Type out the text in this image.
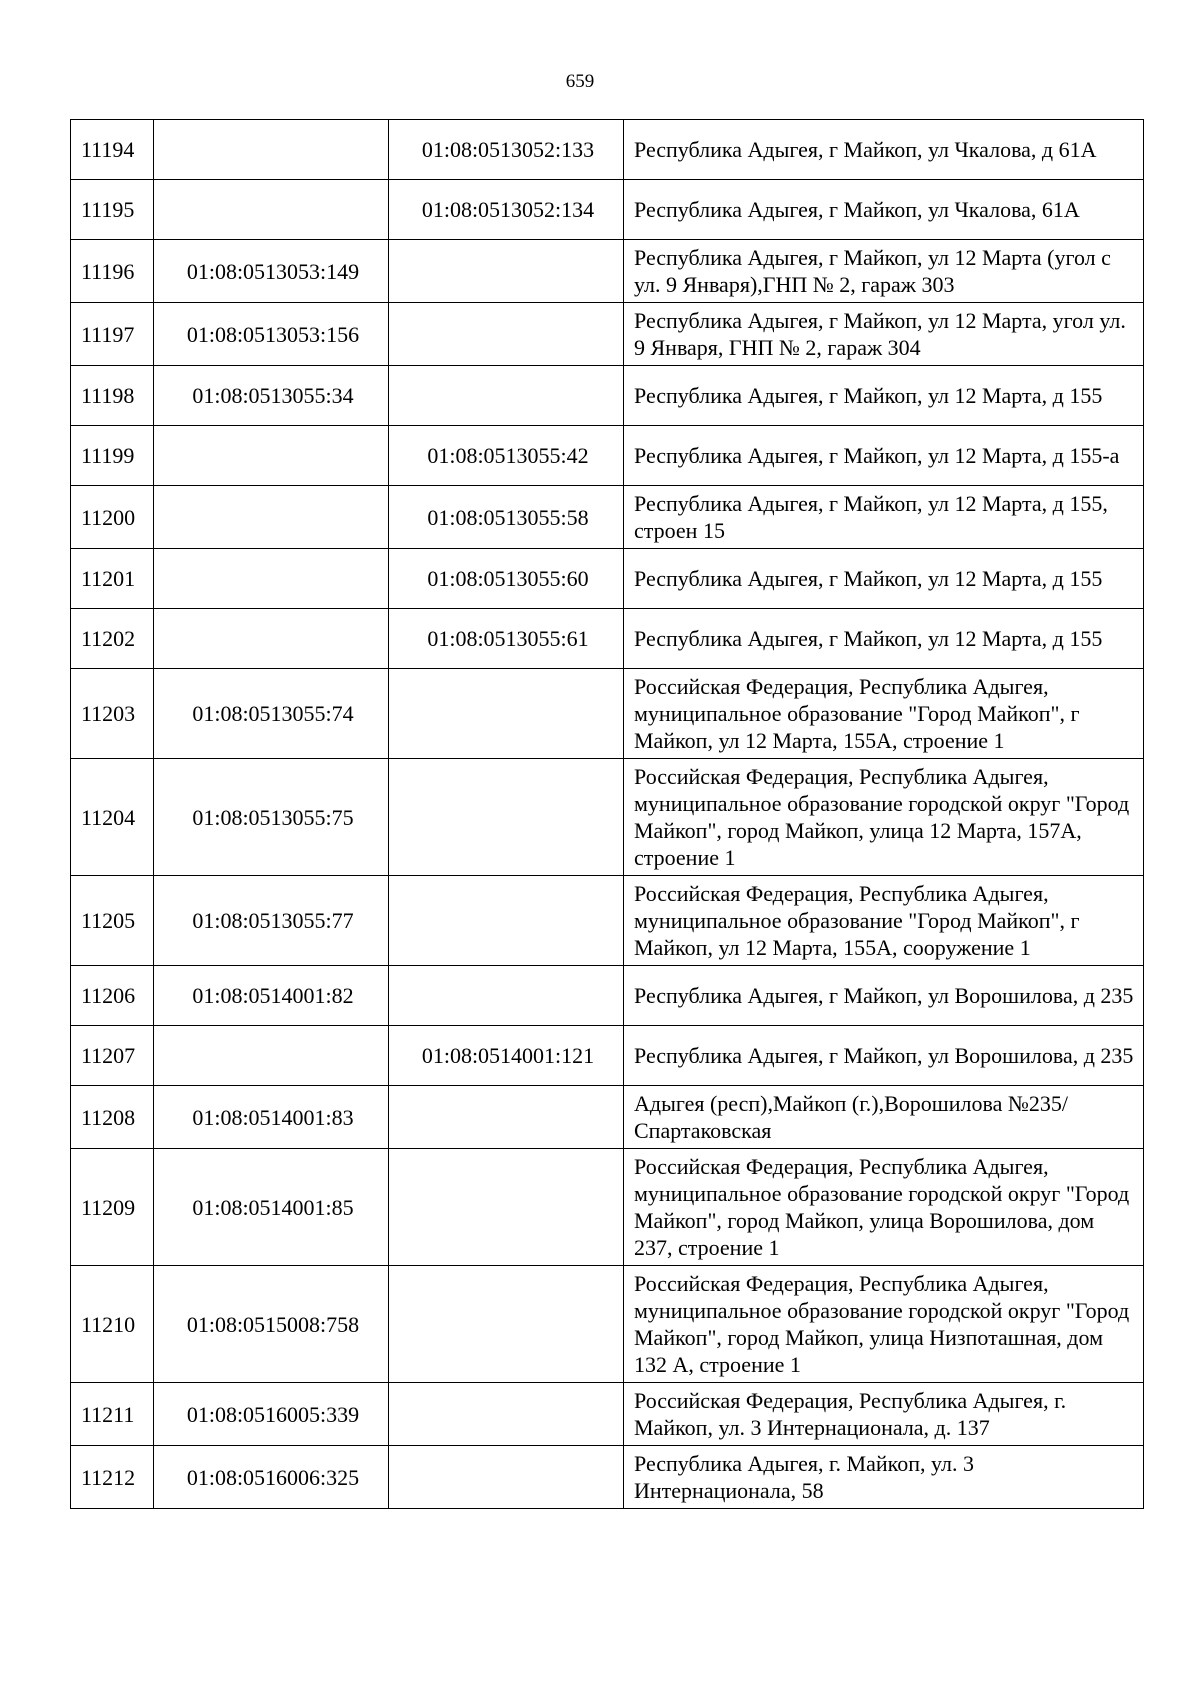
659
11194		01:08:0513052:133	Республика Адыгея, г Майкоп, ул Чкалова, д 61А
11195		01:08:0513052:134	Республика Адыгея, г Майкоп, ул Чкалова, 61А
11196	01:08:0513053:149		Республика Адыгея, г Майкоп, ул 12 Марта (угол с ул. 9 Января),ГНП № 2, гараж 303
11197	01:08:0513053:156		Республика Адыгея, г Майкоп, ул 12 Марта, угол ул. 9 Января, ГНП № 2, гараж 304
11198	01:08:0513055:34		Республика Адыгея, г Майкоп, ул 12 Марта, д 155
11199		01:08:0513055:42	Республика Адыгея, г Майкоп, ул 12 Марта, д 155-а
11200		01:08:0513055:58	Республика Адыгея, г Майкоп, ул 12 Марта, д 155, строен 15
11201		01:08:0513055:60	Республика Адыгея, г Майкоп, ул 12 Марта, д 155
11202		01:08:0513055:61	Республика Адыгея, г Майкоп, ул 12 Марта, д 155
11203	01:08:0513055:74		Российская Федерация, Республика Адыгея, муниципальное образование "Город Майкоп", г Майкоп, ул 12 Марта, 155А, строение 1
11204	01:08:0513055:75		Российская Федерация, Республика Адыгея, муниципальное образование городской округ "Город Майкоп", город Майкоп, улица 12 Марта, 157А, строение 1
11205	01:08:0513055:77		Российская Федерация, Республика Адыгея, муниципальное образование "Город Майкоп", г Майкоп, ул 12 Марта, 155А, сооружение 1
11206	01:08:0514001:82		Республика Адыгея, г Майкоп, ул Ворошилова, д 235
11207		01:08:0514001:121	Республика Адыгея, г Майкоп, ул Ворошилова, д 235
11208	01:08:0514001:83		Адыгея (респ),Майкоп (г.),Ворошилова №235/Спартаковская
11209	01:08:0514001:85		Российская Федерация, Республика Адыгея, муниципальное образование городской округ "Город Майкоп", город Майкоп, улица Ворошилова, дом 237, строение 1
11210	01:08:0515008:758		Российская Федерация, Республика Адыгея, муниципальное образование городской округ "Город Майкоп", город Майкоп, улица Низпоташная, дом 132 А, строение 1
11211	01:08:0516005:339		Российская Федерация, Республика Адыгея, г. Майкоп, ул. 3 Интернационала, д. 137
11212	01:08:0516006:325		Республика Адыгея, г. Майкоп, ул. 3 Интернационала, 58
